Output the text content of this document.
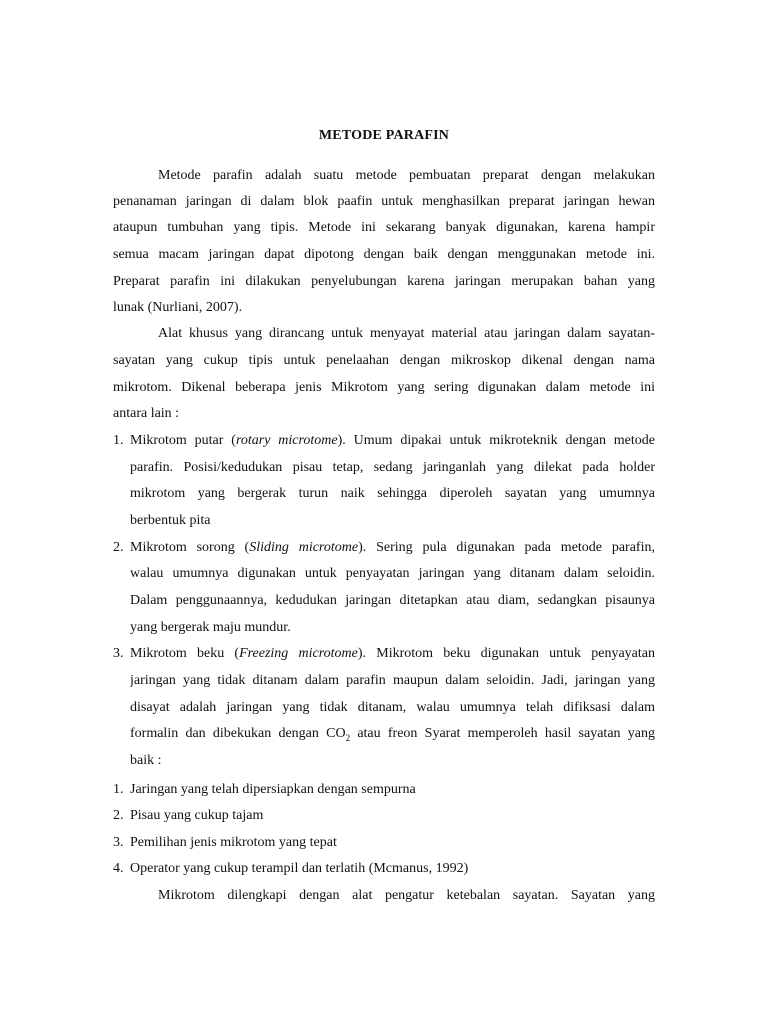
METODE PARAFIN
Metode parafin adalah suatu metode pembuatan preparat dengan melakukan
penanaman jaringan di dalam blok paafin untuk menghasilkan preparat jaringan hewan
ataupun tumbuhan yang tipis. Metode ini sekarang banyak digunakan, karena hampir
semua macam jaringan dapat dipotong dengan baik dengan menggunakan metode ini.
Preparat parafin ini dilakukan penyelubungan karena jaringan merupakan bahan yang
lunak (Nurliani, 2007).
Alat khusus yang dirancang untuk menyayat material atau jaringan dalam sayatan-
sayatan yang cukup tipis untuk penelaahan dengan mikroskop dikenal dengan nama
mikrotom. Dikenal beberapa jenis Mikrotom yang sering digunakan dalam metode ini
antara lain :
1. Mikrotom putar (rotary microtome). Umum dipakai untuk mikroteknik dengan metode
parafin. Posisi/kedudukan pisau tetap, sedang jaringanlah yang dilekat pada holder
mikrotom yang bergerak turun naik sehingga diperoleh sayatan yang umumnya
berbentuk pita
2. Mikrotom sorong (Sliding microtome). Sering pula digunakan pada metode parafin,
walau umumnya digunakan untuk penyayatan jaringan yang ditanam dalam seloidin.
Dalam penggunaannya, kedudukan jaringan ditetapkan atau diam, sedangkan pisaunya
yang bergerak maju mundur.
3. Mikrotom beku (Freezing microtome). Mikrotom beku digunakan untuk penyayatan
jaringan yang tidak ditanam dalam parafin maupun dalam seloidin. Jadi, jaringan yang
disayat adalah jaringan yang tidak ditanam, walau umumnya telah difiksasi dalam
formalin dan dibekukan dengan $CO_2$ atau freon Syarat memperoleh hasil sayatan yang
baik :
1. Jaringan yang telah dipersiapkan dengan sempurna
2. Pisau yang cukup tajam
3. Pemilihan jenis mikrotom yang tepat
4. Operator yang cukup terampil dan terlatih (Mcmanus, 1992)
Mikrotom dilengkapi dengan alat pengatur ketebalan sayatan. Sayatan yang
